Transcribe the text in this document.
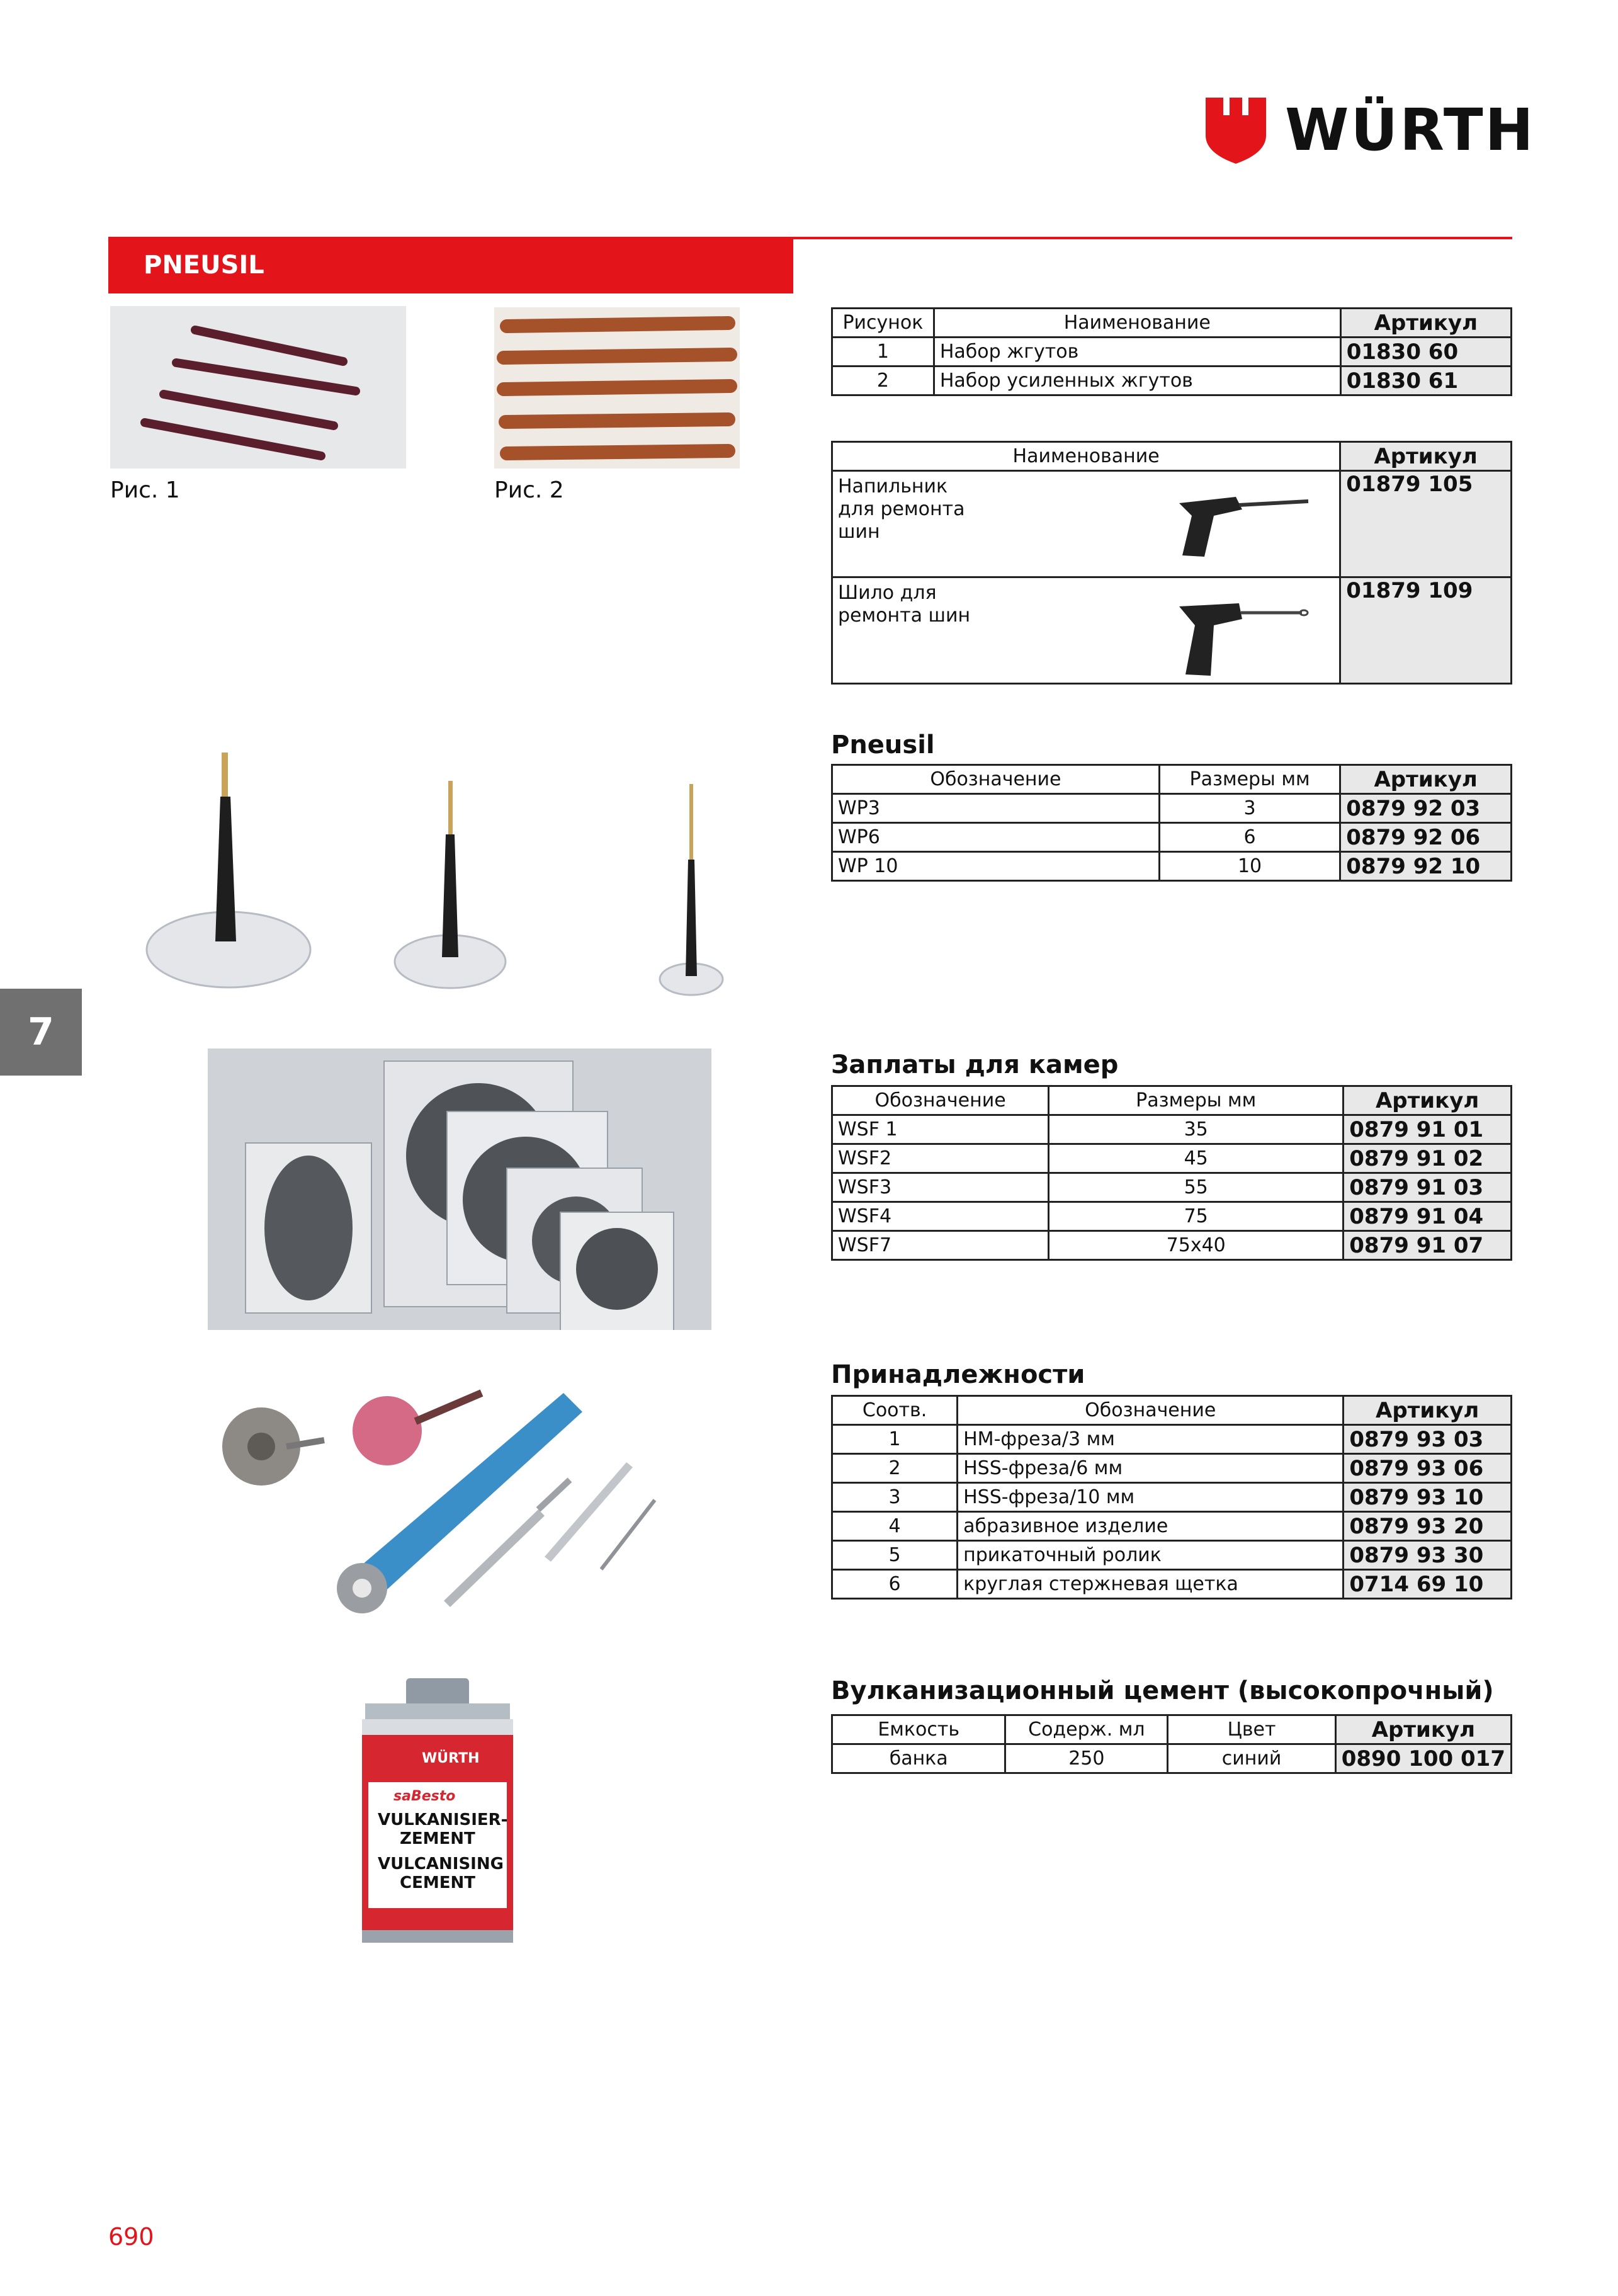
WÜRTH
PNEUSIL
7
Рис. 1	Рис. 2
WÜRTH
saBesto
VULKANISIER-
ZEMENT
VULCANISING
CEMENT
Рисунок	Наименование	Артикул
1	Набор жгутов	01830 60
2	Набор усиленных жгутов	01830 61
Наименование	Артикул

Напильник для ремонта шин	01879 105

Шило для ремонта шин	01879 109
Pneusil
Обозначение	Размеры мм	Артикул
WP3	3	0879 92 03
WP6	6	0879 92 06
WP 10	10	0879 92 10
Заплаты для камер
Обозначение	Размеры мм	Артикул
WSF 1	35	0879 91 01
WSF2	45	0879 91 02
WSF3	55	0879 91 03
WSF4	75	0879 91 04
WSF7	75x40	0879 91 07
Принадлежности
Соотв.	Обозначение	Артикул
1	HM-фреза/3 мм	0879 93 03
2	HSS-фреза/6 мм	0879 93 06
3	HSS-фреза/10 мм	0879 93 10
4	абразивное изделие	0879 93 20
5	прикаточный ролик	0879 93 30
6	круглая стержневая щетка	0714 69 10
Вулканизационный цемент (высокопрочный)
Емкость	Содерж. мл	Цвет	Артикул
банка	250	синий	0890 100 017
690
